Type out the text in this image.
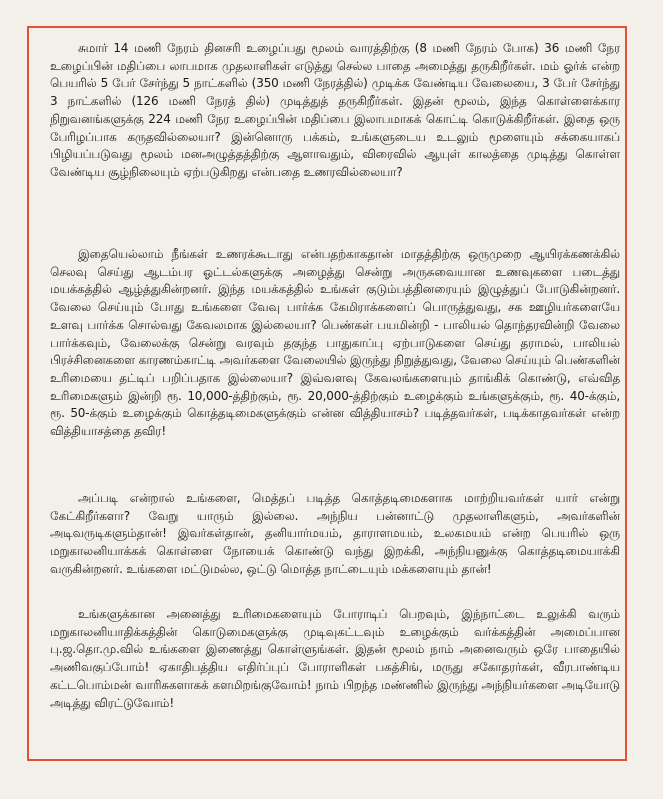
சுமார் 14 மணி நேரம் தினசரி உழைப்பது மூலம் வாரத்திற்கு (8 மணி நேரம் போக) 36 மணி நேர உழைப்பின் மதிப்பை லாபமாக முதலாளிகள் எடுத்து செல்ல பாதை அமைத்து தருகிறீர்கள். மம் ஓர்க் என்ற பெயரில் 5 பேர் சேர்ந்து 5 நாட்களில் (350 மணி நேரத்தில்) முடிக்க வேண்டிய வேலையை, 3 பேர் சேர்ந்து 3 நாட்களில் (126 மணி நேரத் தில்) முடித்துத் தருகிறீர்கள். இதன் மூலம், இந்த கொள்ளைக்கார நிறுவனங்களுக்கு 224 மணி நேர உழைப்பின் மதிப்பை இலாபமாகக் கொட்டி கொடுக்கிறீர்கள். இதை ஒரு பேரிழப்பாக கருதவில்லையா? இன்னொரு பக்கம், உங்களுடைய உடலும் மூளையும் சக்கையாகப் பிழியப்படுவது மூலம் மனஅழுத்தத்திற்கு ஆளாவதும், விரைவில் ஆயுள் காலத்தை முடித்து கொள்ள வேண்டிய சூழ்நிலையும் ஏற்படுகிறது என்பதை உணரவில்லையா?

இதையெல்லாம் நீங்கள் உணரக்கூடாது என்பதற்காகதான் மாதத்திற்கு ஒருமுறை ஆயிரக்கணக்கில் செலவு செய்து ஆடம்பர ஓட்டல்களுக்கு அழைத்து சென்று அருசுவையான உணவுகளை படைத்து மயக்கத்தில் ஆழ்த்துகின்றனர். இந்த மயக்கத்தில் உங்கள் குடும்பத்தினரையும் இழுத்துப் போடுகின்றனர். வேலை செய்யும் போது உங்களை வேவு பார்க்க கேமிராக்களைப் பொருத்துவது, சக ஊழியர்களையே உளவு பார்க்க சொல்வது கேவலமாக இல்லையா? பெண்கள் பயமின்றி - பாலியல் தொந்தரவின்றி வேலை பார்க்கவும், வேலைக்கு சென்று வரவும் தகுந்த பாதுகாப்பு ஏற்பாடுகளை செய்து தராமல், பாலியல் பிரச்சினைகளை காரணம்காட்டி அவர்களை வேலையில் இருந்து நிறுத்துவது, வேலை செய்யும் பெண்களின் உரிமையை தட்டிப் பறிப்பதாக இல்லையா? இவ்வளவு கேவலங்களையும் தாங்கிக் கொண்டு, எவ்வித உரிமைகளும் இன்றி ரூ. 10,000-த்திற்கும், ரூ. 20,000-த்திற்கும் உழைக்கும் உங்களுக்கும், ரூ. 40-க்கும், ரூ. 50-க்கும் உழைக்கும் கொத்தடிமைகளுக்கும் என்ன வித்தியாசம்? படித்தவர்கள், படிக்காதவர்கள் என்ற வித்தியாசத்தை தவிர!

அப்படி என்றால் உங்களை, மெத்தப் படித்த கொத்தடிமைகளாக மாற்றியவர்கள் யார் என்று கேட்கிறீர்களா? வேறு யாரும் இல்லை. அந்நிய பன்னாட்டு முதலாளிகளும், அவர்களின் அடிவருடிகளும்தான்! இவர்கள்தான், தனியார்மயம், தாராளமயம், உலகமயம் என்ற பெயரில் ஒரு மறுகாலனியாக்கக் கொள்ளை நோயைக் கொண்டு வந்து இறக்கி, அந்நியனுக்கு கொத்தடிமையாக்கி வருகின்றனர். உங்களை மட்டுமல்ல, ஒட்டு மொத்த நாட்டையும் மக்களையும் தான்!

உங்களுக்கான அனைத்து உரிமைகளையும் போராடிப் பெறவும், இந்நாட்டை உலுக்கி வரும் மறுகாலனியாதிக்கத்தின் கொடுமைகளுக்கு முடிவுகட்டவும் உழைக்கும் வர்க்கத்தின் அமைப்பான பு.ஜ.தொ.மு.வில் உங்களை இணைத்து கொள்ளுங்கள். இதன் மூலம் நாம் அனைவரும் ஒரே பாதையில் அணிவகுப்போம்! ஏகாதிபத்திய எதிர்ப்புப் போராளிகள் பகத்சிங், மருது சகோதரர்கள், வீரபாண்டிய கட்டபொம்மன் வாரிசுகளாகக் களமிறங்குவோம்! நாம் பிறந்த மண்ணில் இருந்து அந்நியர்களை அடியோடு அடித்து விரட்டுவோம்!
